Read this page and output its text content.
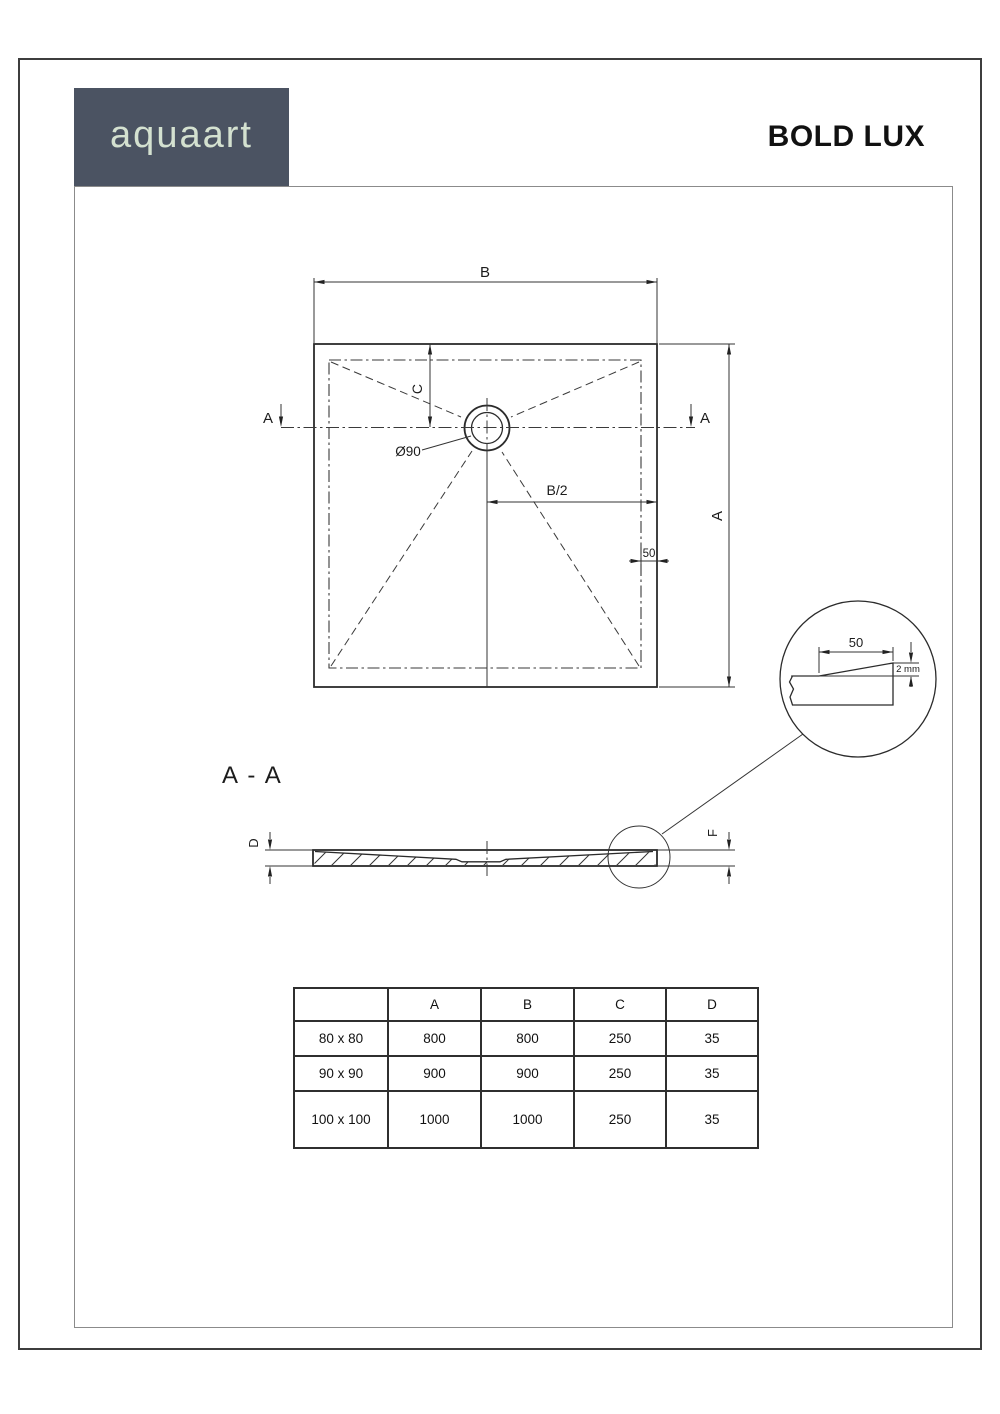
aquaart	BOLD LUX
B
A
C
B/2
50
Ø90
A	A
A - A
D
F
50
2 mm
	A	B	C	D
80 x 80	800	800	250	35
90 x 90	900	900	250	35
100 x 100	1000	1000	250	35
